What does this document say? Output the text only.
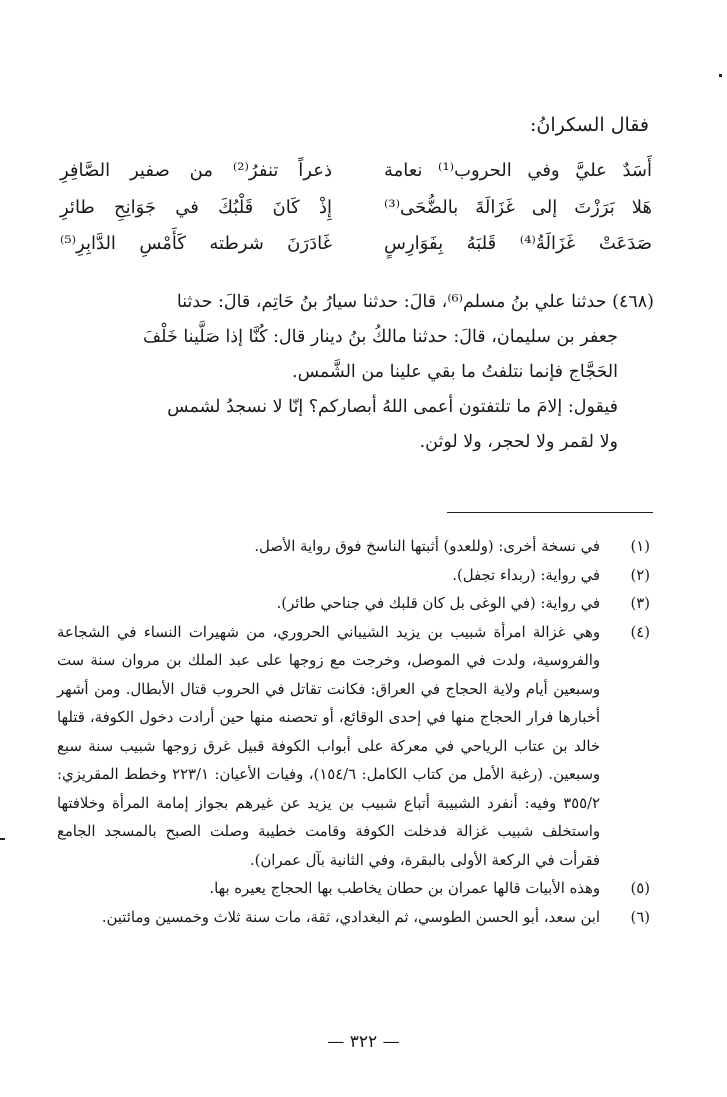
فقال السكرانُ:
أَسَدٌ عليَّ وفي الحروب⁽¹⁾ نعامة
ذعراً تنفرُ⁽²⁾ من صفير الصَّافِرِ
هَلا بَرَزْتَ إلى غَزَالَةَ بالضُّحَى⁽³⁾
إِذْ كَانَ قَلْبُكَ في جَوَانِحِ طائرِ
صَدَعَتْ غَزَالَةُ⁽⁴⁾ قَلبَهُ بِفَوَارِسٍ
غَادَرَنَ شرطته كَأَمْسِ الدَّابِرِ⁽⁵⁾

(٤٦٨) حدثنا علي بنُ مسلم⁽⁶⁾، قالَ: حدثنا سيارُ بنُ حَاتِم، قالَ: حدثنا

جعفر بن سليمان، قالَ: حدثنا مالكُ بنُ دينار قال: كُنَّا إذا صَلَّينا خَلْفَ

الحَجَّاج فإنما نتلفتُ ما بقي علينا من الشَّمس.

فيقول: إلامَ ما تلتفتون أعمى اللهُ أبصاركم؟ إنّا لا نسجدُ لشمس

ولا لقمر ولا لحجر، ولا لوثن.

(١)
في نسخة أخرى: (وللعدو) أثبتها الناسخ فوق رواية الأصل.
(٢)
في رواية: (ربداء تجفل).
(٣)
في رواية: (في الوغى بل كان قلبك في جناحي طائر).
(٤)
وهي غزالة امرأة شبيب بن يزيد الشيباني الحروري، من شهيرات النساء في الشجاعة والفروسية، ولدت في الموصل، وخرجت مع زوجها على عبد الملك بن مروان سنة ست وسبعين أيام ولاية الحجاج في العراق: فكانت تقاتل في الحروب قتال الأبطال. ومن أشهر أخبارها فرار الحجاج منها في إحدى الوقائع، أو تحصنه منها حين أرادت دخول الكوفة، قتلها خالد بن عتاب الرياحي في معركة على أبواب الكوفة قبيل غرق زوجها شبيب سنة سبع وسبعين. (رغبة الأمل من كتاب الكامل: ١٥٤/٦)، وفيات الأعيان: ٢٢٣/١ وخطط المقريزي: ٣٥٥/٢ وفيه: أنفرد الشبيبة أتباع شبيب بن يزيد عن غيرهم بجواز إمامة المرأة وخلافتها واستخلف شبيب غزالة فدخلت الكوفة وقامت خطيبة وصلت الصبح بالمسجد الجامع فقرأت في الركعة الأولى بالبقرة، وفي الثانية بآل عمران).
(٥)
وهذه الأبيات قالها عمران بن حطان يخاطب بها الحجاج يعيره بها.
(٦)
ابن سعد، أبو الحسن الطوسي، ثم البغدادي، ثقة، مات سنة ثلاث وخمسين ومائتين.
— ٣٢٢ —
